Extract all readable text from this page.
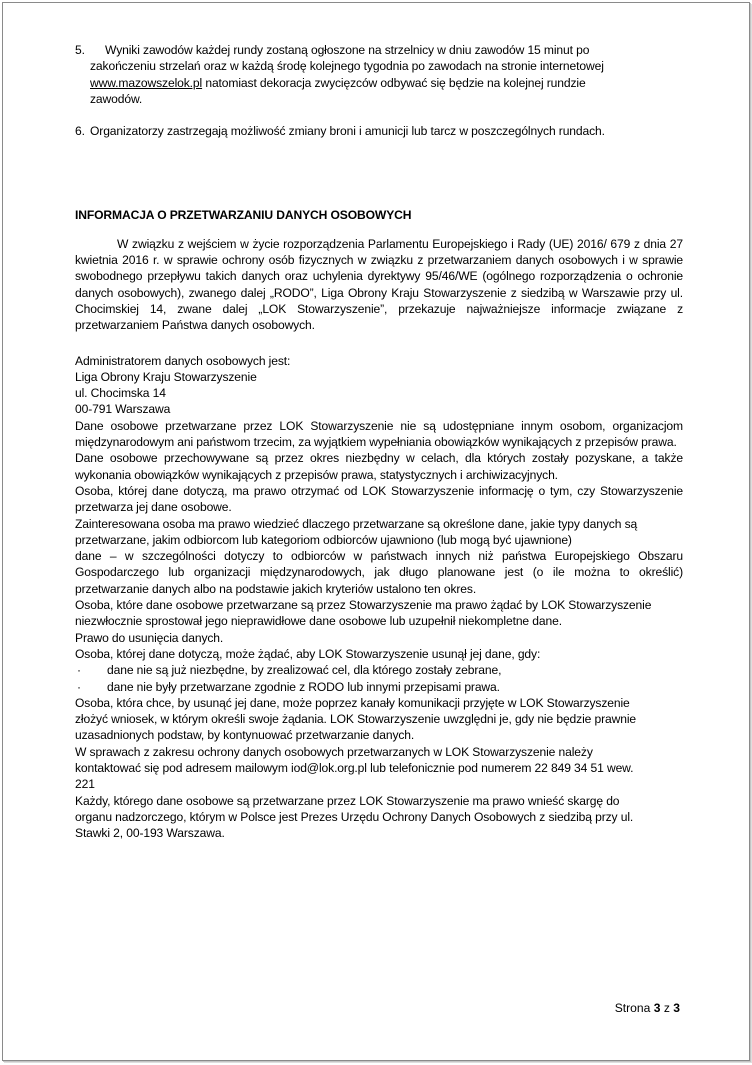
5.	Wyniki zawodów każdej rundy zostaną ogłoszone na strzelnicy w dniu zawodów 15 minut po

zakończeniu strzelań oraz w każdą środę kolejnego tygodnia po zawodach na stronie internetowej

www.mazowszelok.pl natomiast dekoracja zwycięzców odbywać się będzie na kolejnej rundzie

zawodów.

6. Organizatorzy zastrzegają możliwość zmiany broni i amunicji lub tarcz w poszczególnych rundach.

INFORMACJA O PRZETWARZANIU DANYCH OSOBOWYCH

W związku z wejściem w życie rozporządzenia Parlamentu Europejskiego i Rady (UE) 2016/ 679 z dnia 27 kwietnia 2016 r. w sprawie ochrony osób fizycznych w związku z przetwarzaniem danych osobowych i w sprawie swobodnego przepływu takich danych oraz uchylenia dyrektywy 95/46/WE (ogólnego rozporządzenia o ochronie danych osobowych), zwanego dalej „RODO”, Liga Obrony Kraju Stowarzyszenie z siedzibą w Warszawie przy ul. Chocimskiej 14, zwane dalej „LOK Stowarzyszenie”, przekazuje najważniejsze informacje związane z przetwarzaniem Państwa danych osobowych.

Administratorem danych osobowych jest:

Liga Obrony Kraju Stowarzyszenie

ul. Chocimska 14

00-791 Warszawa

Dane osobowe przetwarzane przez LOK Stowarzyszenie nie są udostępniane innym osobom, organizacjom międzynarodowym ani państwom trzecim, za wyjątkiem wypełniania obowiązków wynikających z przepisów prawa.

Dane osobowe przechowywane są przez okres niezbędny w celach, dla których zostały pozyskane, a także wykonania obowiązków wynikających z przepisów prawa, statystycznych i archiwizacyjnych.

Osoba, której dane dotyczą, ma prawo otrzymać od LOK Stowarzyszenie informację o tym, czy Stowarzyszenie przetwarza jej dane osobowe.

Zainteresowana osoba ma prawo wiedzieć dlaczego przetwarzane są określone dane, jakie typy danych są

przetwarzane, jakim odbiorcom lub kategoriom odbiorców ujawniono (lub mogą być ujawnione)

dane – w szczególności dotyczy to odbiorców w państwach innych niż państwa Europejskiego Obszaru Gospodarczego lub organizacji międzynarodowych, jak długo planowane jest (o ile można to określić) przetwarzanie danych albo na podstawie jakich kryteriów ustalono ten okres.

Osoba, które dane osobowe przetwarzane są przez Stowarzyszenie ma prawo żądać by LOK Stowarzyszenie

niezwłocznie sprostował jego nieprawidłowe dane osobowe lub uzupełnił niekompletne dane.

Prawo do usunięcia danych.

Osoba, której dane dotyczą, może żądać, aby LOK Stowarzyszenie usunął jej dane, gdy:

· dane nie są już niezbędne, by zrealizować cel, dla którego zostały zebrane,
· dane nie były przetwarzane zgodnie z RODO lub innymi przepisami prawa.

Osoba, która chce, by usunąć jej dane, może poprzez kanały komunikacji przyjęte w LOK Stowarzyszenie

złożyć wniosek, w którym określi swoje żądania. LOK Stowarzyszenie uwzględni je, gdy nie będzie prawnie

uzasadnionych podstaw, by kontynuować przetwarzanie danych.

W sprawach z zakresu ochrony danych osobowych przetwarzanych w LOK Stowarzyszenie należy

kontaktować się pod adresem mailowym iod@lok.org.pl lub telefonicznie pod numerem 22 849 34 51 wew.

221

Każdy, którego dane osobowe są przetwarzane przez LOK Stowarzyszenie ma prawo wnieść skargę do

organu nadzorczego, którym w Polsce jest Prezes Urzędu Ochrony Danych Osobowych z siedzibą przy ul.

Stawki 2, 00-193 Warszawa.

Strona 3 z 3
